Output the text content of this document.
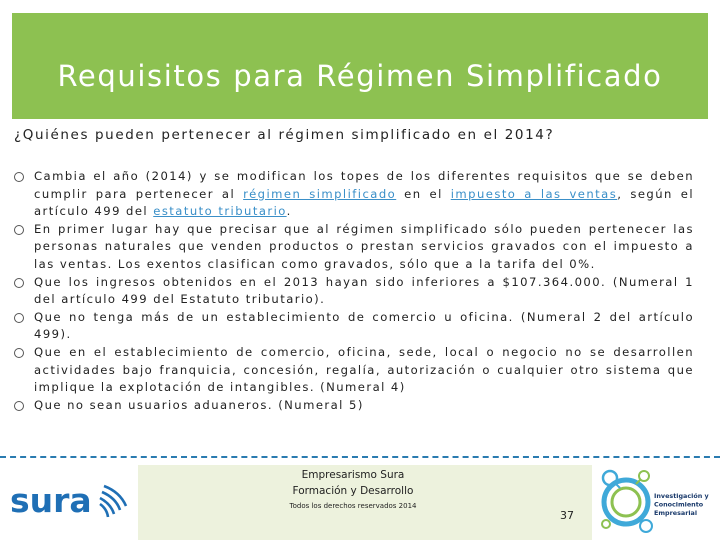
Requisitos para Régimen Simplificado
¿Quiénes pueden pertenecer al régimen simplificado en el 2014?
Cambia el año (2014) y se modifican los topes de los diferentes requisitos que se deben cumplir para pertenecer al régimen simplificado en el impuesto a las ventas, según el artículo 499 del estatuto tributario.
En primer lugar hay que precisar que al régimen simplificado sólo pueden pertenecer las personas naturales que venden productos o prestan servicios gravados con el impuesto a las ventas. Los exentos clasifican como gravados, sólo que a la tarifa del 0%.
Que los ingresos obtenidos en el 2013 hayan sido inferiores a $107.364.000. (Numeral 1 del artículo 499 del Estatuto tributario).
Que no tenga más de un establecimiento de comercio u oficina. (Numeral 2 del artículo 499).
Que en el establecimiento de comercio, oficina, sede, local o negocio no se desarrollen actividades bajo franquicia, concesión, regalía, autorización o cualquier otro sistema que implique la explotación de intangibles. (Numeral 4)
Que no sean usuarios aduaneros. (Numeral 5)
sura
Empresarismo Sura
Formación y Desarrollo
Todos los derechos reservados 2014
37
Investigación y Conocimiento Empresarial
